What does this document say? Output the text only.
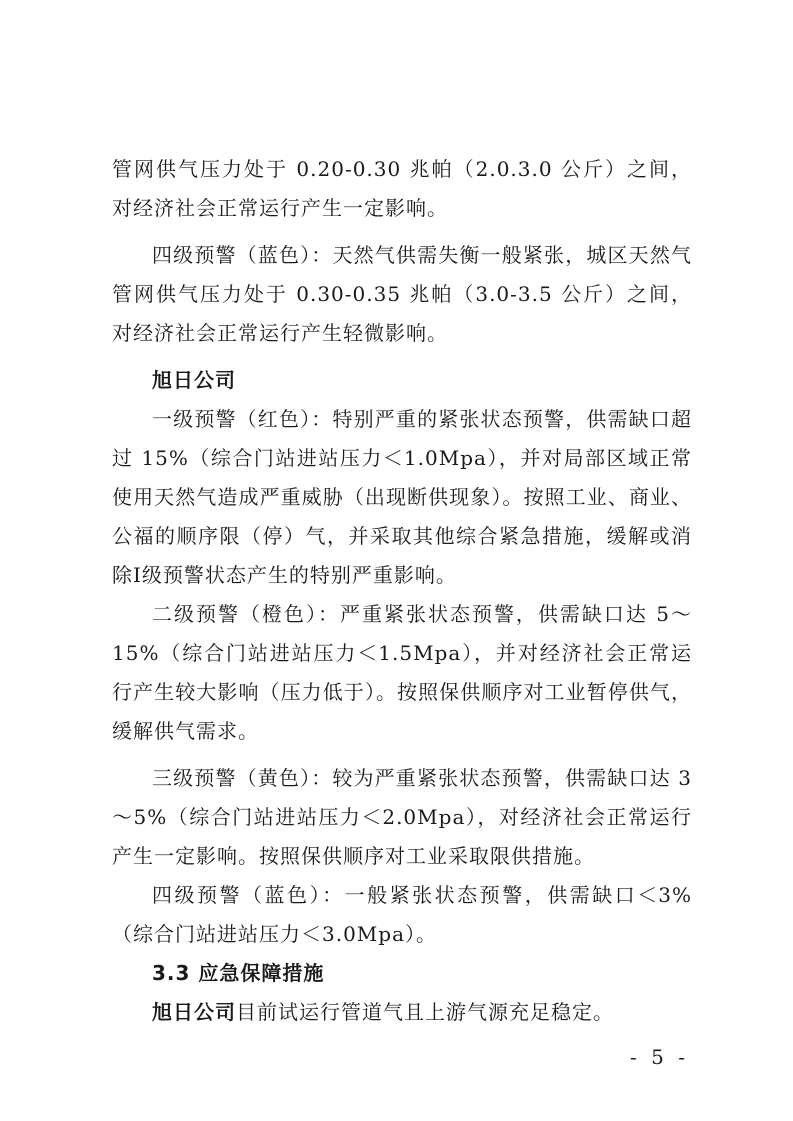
管网供气压力处于 0.20-0.30 兆帕（2.0.3.0 公斤）之间，对经济社会正常运行产生一定影响。

四级预警（蓝色）：天然气供需失衡一般紧张，城区天然气管网供气压力处于 0.30-0.35 兆帕（3.0-3.5 公斤）之间，对经济社会正常运行产生轻微影响。

旭日公司

一级预警（红色）：特别严重的紧张状态预警，供需缺口超过 15%（综合门站进站压力＜1.0Mpa），并对局部区域正常使用天然气造成严重威胁（出现断供现象）。按照工业、商业、公福的顺序限（停）气，并采取其他综合紧急措施，缓解或消除Ⅰ级预警状态产生的特别严重影响。

二级预警（橙色）：严重紧张状态预警，供需缺口达 5～15%（综合门站进站压力＜1.5Mpa），并对经济社会正常运行产生较大影响（压力低于）。按照保供顺序对工业暂停供气，缓解供气需求。

三级预警（黄色）：较为严重紧张状态预警，供需缺口达 3～5%（综合门站进站压力＜2.0Mpa），对经济社会正常运行产生一定影响。按照保供顺序对工业采取限供措施。

四级预警（蓝色）：一般紧张状态预警，供需缺口＜3%（综合门站进站压力＜3.0Mpa）。

3.3 应急保障措施

旭日公司目前试运行管道气且上游气源充足稳定。

- 5 -
